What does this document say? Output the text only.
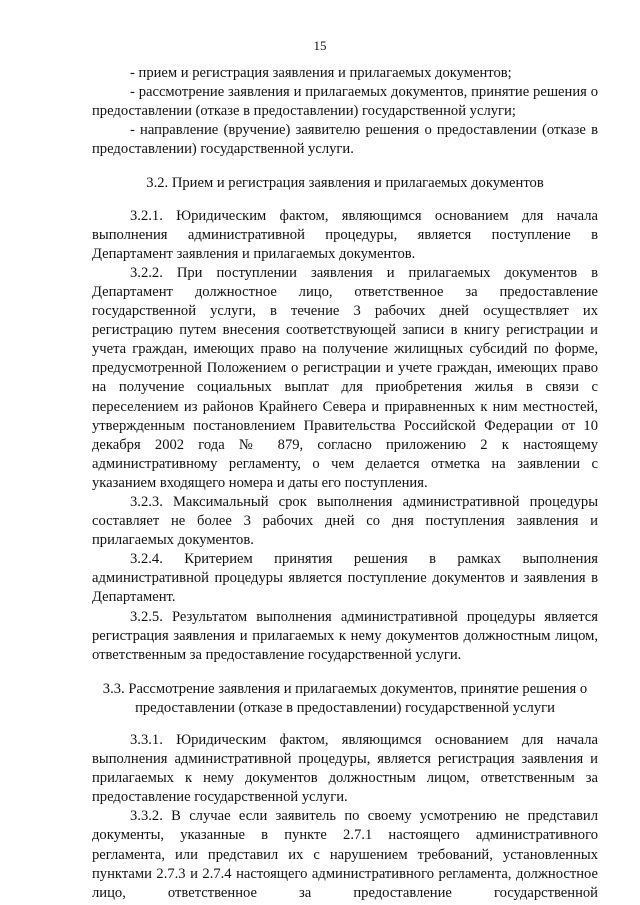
15

- прием и регистрация заявления и прилагаемых документов;

- рассмотрение заявления и прилагаемых документов, принятие решения о предоставлении (отказе в предоставлении) государственной услуги;

- направление (вручение) заявителю решения о предоставлении (отказе в предоставлении) государственной услуги.

3.2. Прием и регистрация заявления и прилагаемых документов

3.2.1. Юридическим фактом, являющимся основанием для начала выполнения административной процедуры, является поступление в Департамент заявления и прилагаемых документов.

3.2.2. При поступлении заявления и прилагаемых документов в Департамент должностное лицо, ответственное за предоставление государственной услуги, в течение 3 рабочих дней осуществляет их регистрацию путем внесения соответствующей записи в книгу регистрации и учета граждан, имеющих право на получение жилищных субсидий по форме, предусмотренной Положением о регистрации и учете граждан, имеющих право на получение социальных выплат для приобретения жилья в связи с переселением из районов Крайнего Севера и приравненных к ним местностей, утвержденным постановлением Правительства Российской Федерации от 10 декабря 2002 года № 879, согласно приложению 2 к настоящему административному регламенту, о чем делается отметка на заявлении с указанием входящего номера и даты его поступления.

3.2.3. Максимальный срок выполнения административной процедуры составляет не более 3 рабочих дней со дня поступления заявления и прилагаемых документов.

3.2.4. Критерием принятия решения в рамках выполнения административной процедуры является поступление документов и заявления в Департамент.

3.2.5. Результатом выполнения административной процедуры является регистрация заявления и прилагаемых к нему документов должностным лицом, ответственным за предоставление государственной услуги.

3.3. Рассмотрение заявления и прилагаемых документов, принятие решения о предоставлении (отказе в предоставлении) государственной услуги

3.3.1. Юридическим фактом, являющимся основанием для начала выполнения административной процедуры, является регистрация заявления и прилагаемых к нему документов должностным лицом, ответственным за предоставление государственной услуги.

3.3.2. В случае если заявитель по своему усмотрению не представил документы, указанные в пункте 2.7.1 настоящего административного регламента, или представил их с нарушением требований, установленных пунктами 2.7.3 и 2.7.4 настоящего административного регламента, должностное лицо, ответственное за предоставление государственной
